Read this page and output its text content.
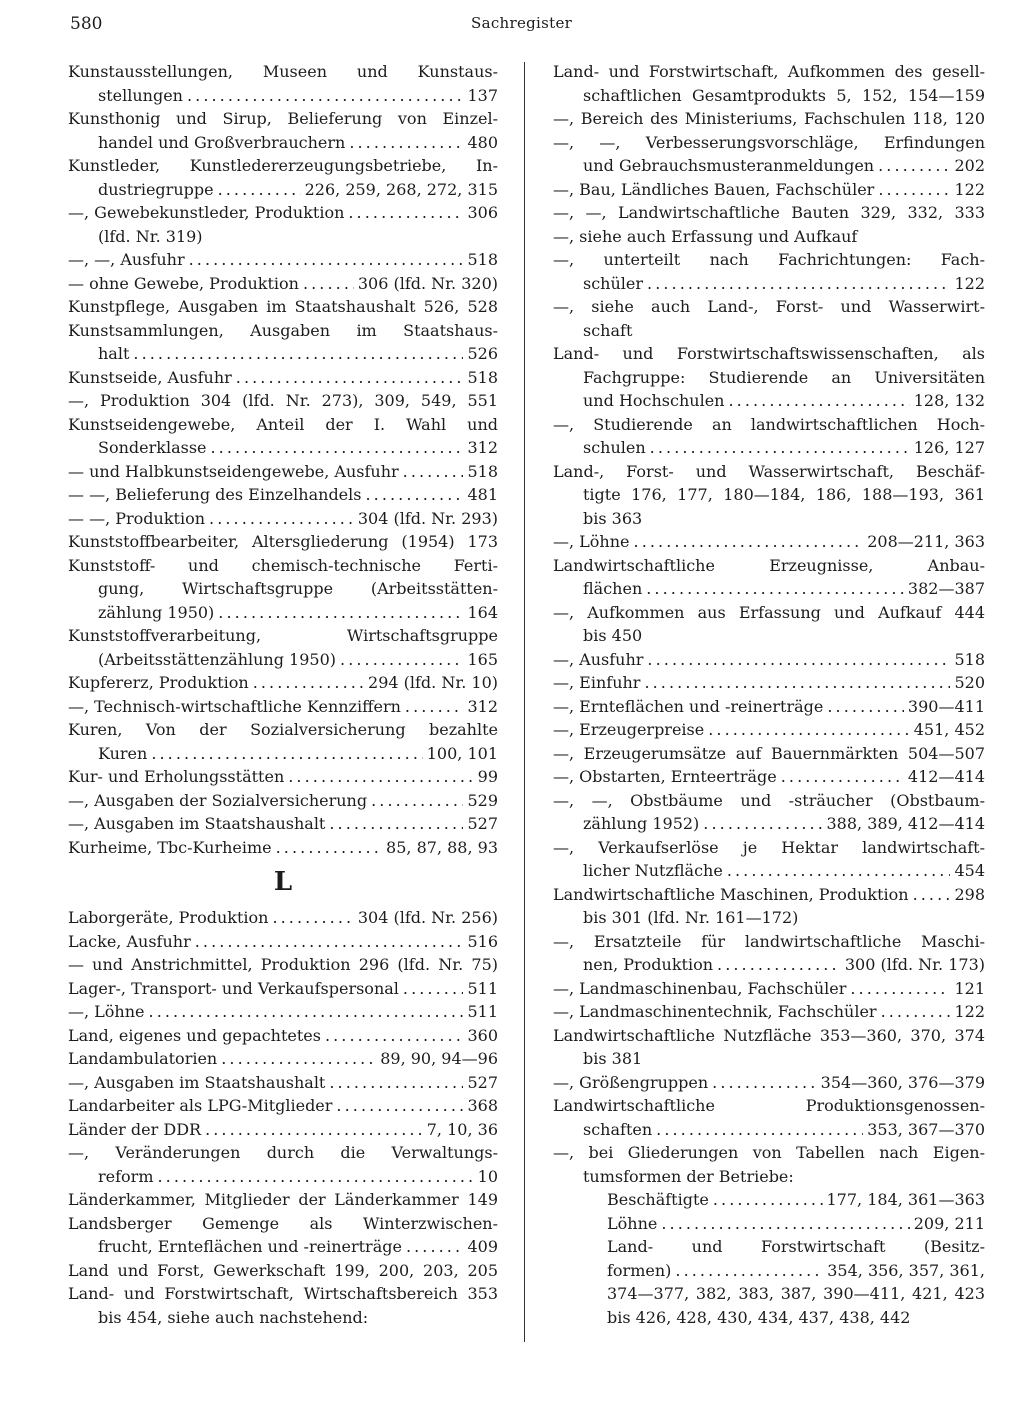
580	Sachregister
Kunstausstellungen, Museen und Kunstaus-
stellungen . . .	137
Kunsthonig und Sirup, Belieferung von Einzel-
handel und Großverbrauchern . . .	480
Kunstleder, Kunstledererzeugungsbetriebe, In-
dustriegruppe . . .	226, 259, 268, 272, 315
—, Gewebekunstleder, Produktion . . .	306
(lfd. Nr. 319)
—, —, Ausfuhr . . .	518
— ohne Gewebe, Produktion . . .	306 (lfd. Nr. 320)
Kunstpflege, Ausgaben im Staatshaushalt 526, 528
Kunstsammlungen, Ausgaben im Staatshaus-
halt . . .	526
Kunstseide, Ausfuhr . . .	518
—, Produktion 304 (lfd. Nr. 273), 309, 549, 551
Kunstseidengewebe, Anteil der I. Wahl und
Sonderklasse . . .	312
— und Halbkunstseidengewebe, Ausfuhr . . .	518
— —, Belieferung des Einzelhandels . . .	481
— —, Produktion . . .	304 (lfd. Nr. 293)
Kunststoffbearbeiter, Altersgliederung (1954) 173
Kunststoff- und chemisch-technische Ferti-
gung, Wirtschaftsgruppe (Arbeitsstätten-
zählung 1950) . . .	164
Kunststoffverarbeitung, Wirtschaftsgruppe
(Arbeitsstättenzählung 1950) . . .	165
Kupfererz, Produktion . . .	294 (lfd. Nr. 10)
—, Technisch-wirtschaftliche Kennziffern . . .	312
Kuren, Von der Sozialversicherung bezahlte
Kuren . . .	100, 101
Kur- und Erholungsstätten . . .	99
—, Ausgaben der Sozialversicherung . . .	529
—, Ausgaben im Staatshaushalt . . .	527
Kurheime, Tbc-Kurheime . . .	85, 87, 88, 93
L
Laborgeräte, Produktion . . .	304 (lfd. Nr. 256)
Lacke, Ausfuhr . . .	516
— und Anstrichmittel, Produktion 296 (lfd. Nr. 75)
Lager-, Transport- und Verkaufspersonal . . .	511
—, Löhne . . .	511
Land, eigenes und gepachtetes . . .	360
Landambulatorien . . .	89, 90, 94—96
—, Ausgaben im Staatshaushalt . . .	527
Landarbeiter als LPG-Mitglieder . . .	368
Länder der DDR . . .	7, 10, 36
—, Veränderungen durch die Verwaltungs-
reform . . .	10
Länderkammer, Mitglieder der Länderkammer 149
Landsberger Gemenge als Winterzwischen-
frucht, Ernteflächen und -reinerträge . . .	409
Land und Forst, Gewerkschaft 199, 200, 203, 205
Land- und Forstwirtschaft, Wirtschaftsbereich 353
bis 454, siehe auch nachstehend:
Land- und Forstwirtschaft, Aufkommen des gesell-
schaftlichen Gesamtprodukts 5, 152, 154—159
—, Bereich des Ministeriums, Fachschulen 118, 120
—, —, Verbesserungsvorschläge, Erfindungen
und Gebrauchsmusteranmeldungen . . .	202
—, Bau, Ländliches Bauen, Fachschüler . . .	122
—, —, Landwirtschaftliche Bauten 329, 332, 333
—, siehe auch Erfassung und Aufkauf
—, unterteilt nach Fachrichtungen: Fach-
schüler . . .	122
—, siehe auch Land-, Forst- und Wasserwirt-
schaft
Land- und Forstwirtschaftswissenschaften, als
Fachgruppe: Studierende an Universitäten
und Hochschulen . . .	128, 132
—, Studierende an landwirtschaftlichen Hoch-
schulen . . .	126, 127
Land-, Forst- und Wasserwirtschaft, Beschäf-
tigte 176, 177, 180—184, 186, 188—193, 361
bis 363
—, Löhne . . .	208—211, 363
Landwirtschaftliche Erzeugnisse, Anbau-
flächen . . .	382—387
—, Aufkommen aus Erfassung und Aufkauf 444
bis 450
—, Ausfuhr . . .	518
—, Einfuhr . . .	520
—, Ernteflächen und -reinerträge . . .	390—411
—, Erzeugerpreise . . .	451, 452
—, Erzeugerumsätze auf Bauernmärkten 504—507
—, Obstarten, Ernteerträge . . .	412—414
—, —, Obstbäume und -sträucher (Obstbaum-
zählung 1952) . . .	388, 389, 412—414
—, Verkaufserlöse je Hektar landwirtschaft-
licher Nutzfläche . . .	454
Landwirtschaftliche Maschinen, Produktion . . .	298
bis 301 (lfd. Nr. 161—172)
—, Ersatzteile für landwirtschaftliche Maschi-
nen, Produktion . . .	300 (lfd. Nr. 173)
—, Landmaschinenbau, Fachschüler . . .	121
—, Landmaschinentechnik, Fachschüler . . .	122
Landwirtschaftliche Nutzfläche 353—360, 370, 374
bis 381
—, Größengruppen . . .	354—360, 376—379
Landwirtschaftliche Produktionsgenossen-
schaften . . .	353, 367—370
—, bei Gliederungen von Tabellen nach Eigen-
tumsformen der Betriebe:
Beschäftigte . . .	177, 184, 361—363
Löhne . . .	209, 211
Land- und Forstwirtschaft (Besitz-
formen) . . .	354, 356, 357, 361,
374—377, 382, 383, 387, 390—411, 421, 423
bis 426, 428, 430, 434, 437, 438, 442
